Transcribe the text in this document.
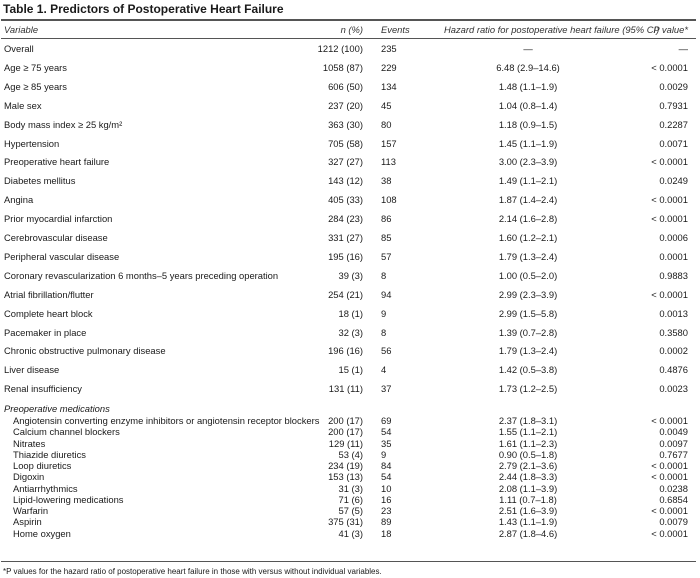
Table 1. Predictors of Postoperative Heart Failure
Variable	n (%) Events	Hazard ratio for postoperative heart failure (95% CI)
P value*
Overall	1212 (100) 235	—	—
Age ≥ 75 years	1058 (87) 229	6.48 (2.9–14.6)	< 0.0001
Age ≥ 85 years	606 (50) 134	1.48 (1.1–1.9)	0.0029
Male sex	237 (20) 45	1.04 (0.8–1.4)	0.7931
Body mass index ≥ 25 kg/m²	363 (30) 80	1.18 (0.9–1.5)	0.2287
Hypertension	705 (58) 157	1.45 (1.1–1.9)	0.0071
Preoperative heart failure	327 (27) 113	3.00 (2.3–3.9)	< 0.0001
Diabetes mellitus	143 (12) 38	1.49 (1.1–2.1)	0.0249
Angina	405 (33) 108	1.87 (1.4–2.4)	< 0.0001
Prior myocardial infarction	284 (23) 86	2.14 (1.6–2.8)	< 0.0001
Cerebrovascular disease	331 (27) 85	1.60 (1.2–2.1)	0.0006
Peripheral vascular disease	195 (16) 57	1.79 (1.3–2.4)	0.0001
Coronary revascularization 6 months–5 years preceding operation	39 (3) 8	1.00 (0.5–2.0)	0.9883
Atrial fibrillation/flutter	254 (21) 94	2.99 (2.3–3.9)	< 0.0001
Complete heart block	18 (1) 9	2.99 (1.5–5.8)	0.0013
Pacemaker in place	32 (3) 8	1.39 (0.7–2.8)	0.3580
Chronic obstructive pulmonary disease	196 (16) 56	1.79 (1.3–2.4)	0.0002
Liver disease	15 (1) 4	1.42 (0.5–3.8)	0.4876
Renal insufficiency	131 (11) 37	1.73 (1.2–2.5)	0.0023
Preoperative medications
Angiotensin converting enzyme inhibitors or angiotensin receptor blockers 200 (17) 69	2.37 (1.8–3.1)	< 0.0001
Calcium channel blockers	200 (17) 54	1.55 (1.1–2.1)	0.0049
Nitrates	129 (11) 35	1.61 (1.1–2.3)	0.0097
Thiazide diuretics	53 (4) 9	0.90 (0.5–1.8)	0.7677
Loop diuretics	234 (19) 84	2.79 (2.1–3.6)	< 0.0001
Digoxin	153 (13) 54	2.44 (1.8–3.3)	< 0.0001
Antiarrhythmics	31 (3) 10	2.08 (1.1–3.9)	0.0238
Lipid-lowering medications	71 (6) 16	1.11 (0.7–1.8)	0.6854
Warfarin	57 (5) 23	2.51 (1.6–3.9)	< 0.0001
Aspirin	375 (31) 89	1.43 (1.1–1.9)	0.0079
Home oxygen	41 (3) 18	2.87 (1.8–4.6)	< 0.0001
*P values for the hazard ratio of postoperative heart failure in those with versus without individual variables.
